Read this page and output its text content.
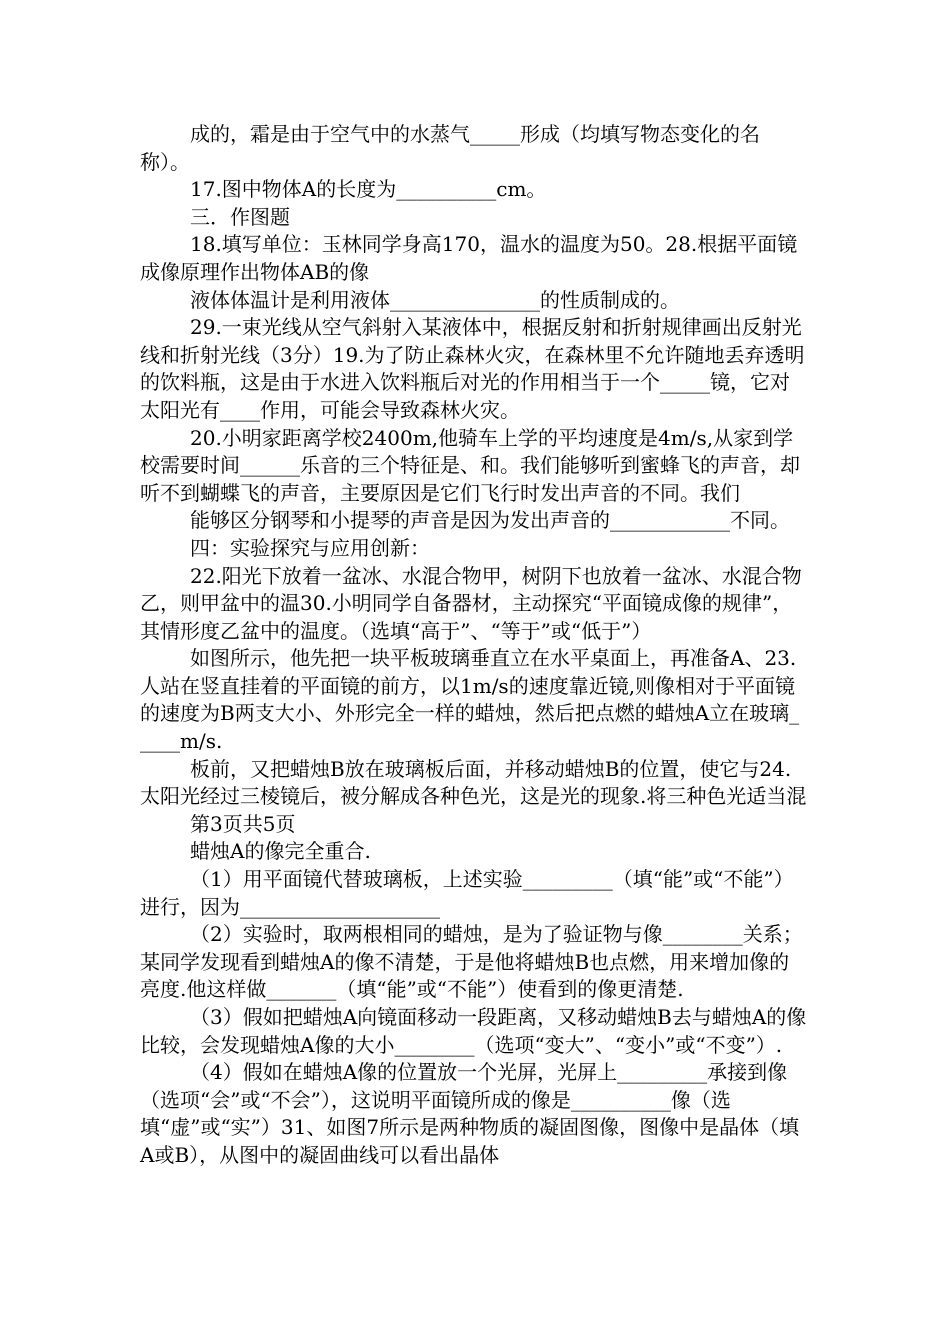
成的，霜是由于空气中的水蒸气_____形成（均填写物态变化的名称）。

17.图中物体A的长度为__________cm。

三．作图题

18.填写单位：玉林同学身高170，温水的温度为50。28.根据平面镜成像原理作出物体AB的像

液体体温计是利用液体_______________的性质制成的。

29.一束光线从空气斜射入某液体中，根据反射和折射规律画出反射光线和折射光线（3分）19.为了防止森林火灾，在森林里不允许随地丢弃透明的饮料瓶，这是由于水进入饮料瓶后对光的作用相当于一个_____镜，它对太阳光有____作用，可能会导致森林火灾。

20.小明家距离学校2400m,他骑车上学的平均速度是4m/s,从家到学校需要时间______乐音的三个特征是、和。我们能够听到蜜蜂飞的声音，却听不到蝴蝶飞的声音，主要原因是它们飞行时发出声音的不同。我们

能够区分钢琴和小提琴的声音是因为发出声音的____________不同。

四：实验探究与应用创新：

22.阳光下放着一盆冰、水混合物甲，树阴下也放着一盆冰、水混合物乙，则甲盆中的温30.小明同学自备器材，主动探究“平面镜成像的规律”，其情形度乙盆中的温度。（选填“高于”、“等于”或“低于”）

如图所示，他先把一块平板玻璃垂直立在水平桌面上，再准备A、23.人站在竖直挂着的平面镜的前方，以1m/s的速度靠近镜,则像相对于平面镜的速度为B两支大小、外形完全一样的蜡烛，然后把点燃的蜡烛A立在玻璃_____m/s.

板前，又把蜡烛B放在玻璃板后面，并移动蜡烛B的位置，使它与24.太阳光经过三棱镜后，被分解成各种色光，这是光的现象.将三种色光适当混

第3页共5页

蜡烛A的像完全重合.

（1）用平面镜代替玻璃板，上述实验_________（填“能”或“不能”）进行，因为____________________

（2）实验时，取两根相同的蜡烛，是为了验证物与像________关系；某同学发现看到蜡烛A的像不清楚，于是他将蜡烛B也点燃，用来增加像的亮度.他这样做_______（填“能”或“不能”）使看到的像更清楚.

（3）假如把蜡烛A向镜面移动一段距离，又移动蜡烛B去与蜡烛A的像比较，会发现蜡烛A像的大小________（选项“变大”、“变小”或“不变”）.

（4）假如在蜡烛A像的位置放一个光屏，光屏上_________承接到像（选项“会”或“不会”），这说明平面镜所成的像是__________像（选填“虚”或“实”）31、如图7所示是两种物质的凝固图像，图像中是晶体（填A或B），从图中的凝固曲线可以看出晶体
